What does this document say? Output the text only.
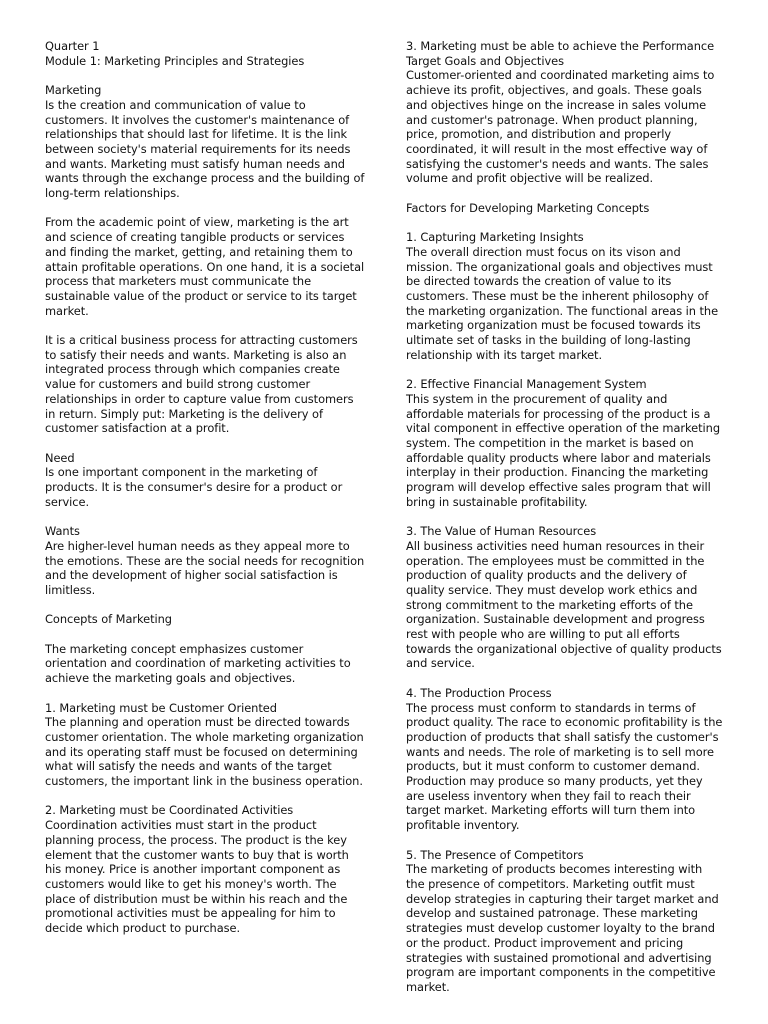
Quarter 1

Module 1: Marketing Principles and Strategies

Marketing

Is the creation and communication of value to customers. It involves the customer's maintenance of relationships that should last for lifetime. It is the link between society's material requirements for its needs and wants. Marketing must satisfy human needs and wants through the exchange process and the building of long-term relationships.

From the academic point of view, marketing is the art and science of creating tangible products or services and finding the market, getting, and retaining them to attain profitable operations. On one hand, it is a societal process that marketers must communicate the sustainable value of the product or service to its target market.

It is a critical business process for attracting customers to satisfy their needs and wants. Marketing is also an integrated process through which companies create value for customers and build strong customer relationships in order to capture value from customers in return. Simply put: Marketing is the delivery of customer satisfaction at a profit.

Need

Is one important component in the marketing of products. It is the consumer's desire for a product or service.

Wants

Are higher-level human needs as they appeal more to the emotions. These are the social needs for recognition and the development of higher social satisfaction is limitless.

Concepts of Marketing

The marketing concept emphasizes customer orientation and coordination of marketing activities to achieve the marketing goals and objectives.

1. Marketing must be Customer Oriented

The planning and operation must be directed towards customer orientation. The whole marketing organization and its operating staff must be focused on determining what will satisfy the needs and wants of the target customers, the important link in the business operation.

2. Marketing must be Coordinated Activities

Coordination activities must start in the product planning process, the process. The product is the key element that the customer wants to buy that is worth his money. Price is another important component as customers would like to get his money's worth. The place of distribution must be within his reach and the promotional activities must be appealing for him to decide which product to purchase.

3. Marketing must be able to achieve the Performance Target Goals and Objectives

Customer-oriented and coordinated marketing aims to achieve its profit, objectives, and goals. These goals and objectives hinge on the increase in sales volume and customer's patronage. When product planning, price, promotion, and distribution and properly coordinated, it will result in the most effective way of satisfying the customer's needs and wants. The sales volume and profit objective will be realized.

Factors for Developing Marketing Concepts

1. Capturing Marketing Insights

The overall direction must focus on its vison and mission. The organizational goals and objectives must be directed towards the creation of value to its customers. These must be the inherent philosophy of the marketing organization. The functional areas in the marketing organization must be focused towards its ultimate set of tasks in the building of long-lasting relationship with its target market.

2. Effective Financial Management System

This system in the procurement of quality and affordable materials for processing of the product is a vital component in effective operation of the marketing system. The competition in the market is based on affordable quality products where labor and materials interplay in their production. Financing the marketing program will develop effective sales program that will bring in sustainable profitability.

3. The Value of Human Resources

All business activities need human resources in their operation. The employees must be committed in the production of quality products and the delivery of quality service. They must develop work ethics and strong commitment to the marketing efforts of the organization. Sustainable development and progress rest with people who are willing to put all efforts towards the organizational objective of quality products and service.

4. The Production Process

The process must conform to standards in terms of product quality. The race to economic profitability is the production of products that shall satisfy the customer's wants and needs. The role of marketing is to sell more products, but it must conform to customer demand. Production may produce so many products, yet they are useless inventory when they fail to reach their target market. Marketing efforts will turn them into profitable inventory.

5. The Presence of Competitors

The marketing of products becomes interesting with the presence of competitors. Marketing outfit must develop strategies in capturing their target market and develop and sustained patronage. These marketing strategies must develop customer loyalty to the brand or the product. Product improvement and pricing strategies with sustained promotional and advertising program are important components in the competitive market.
